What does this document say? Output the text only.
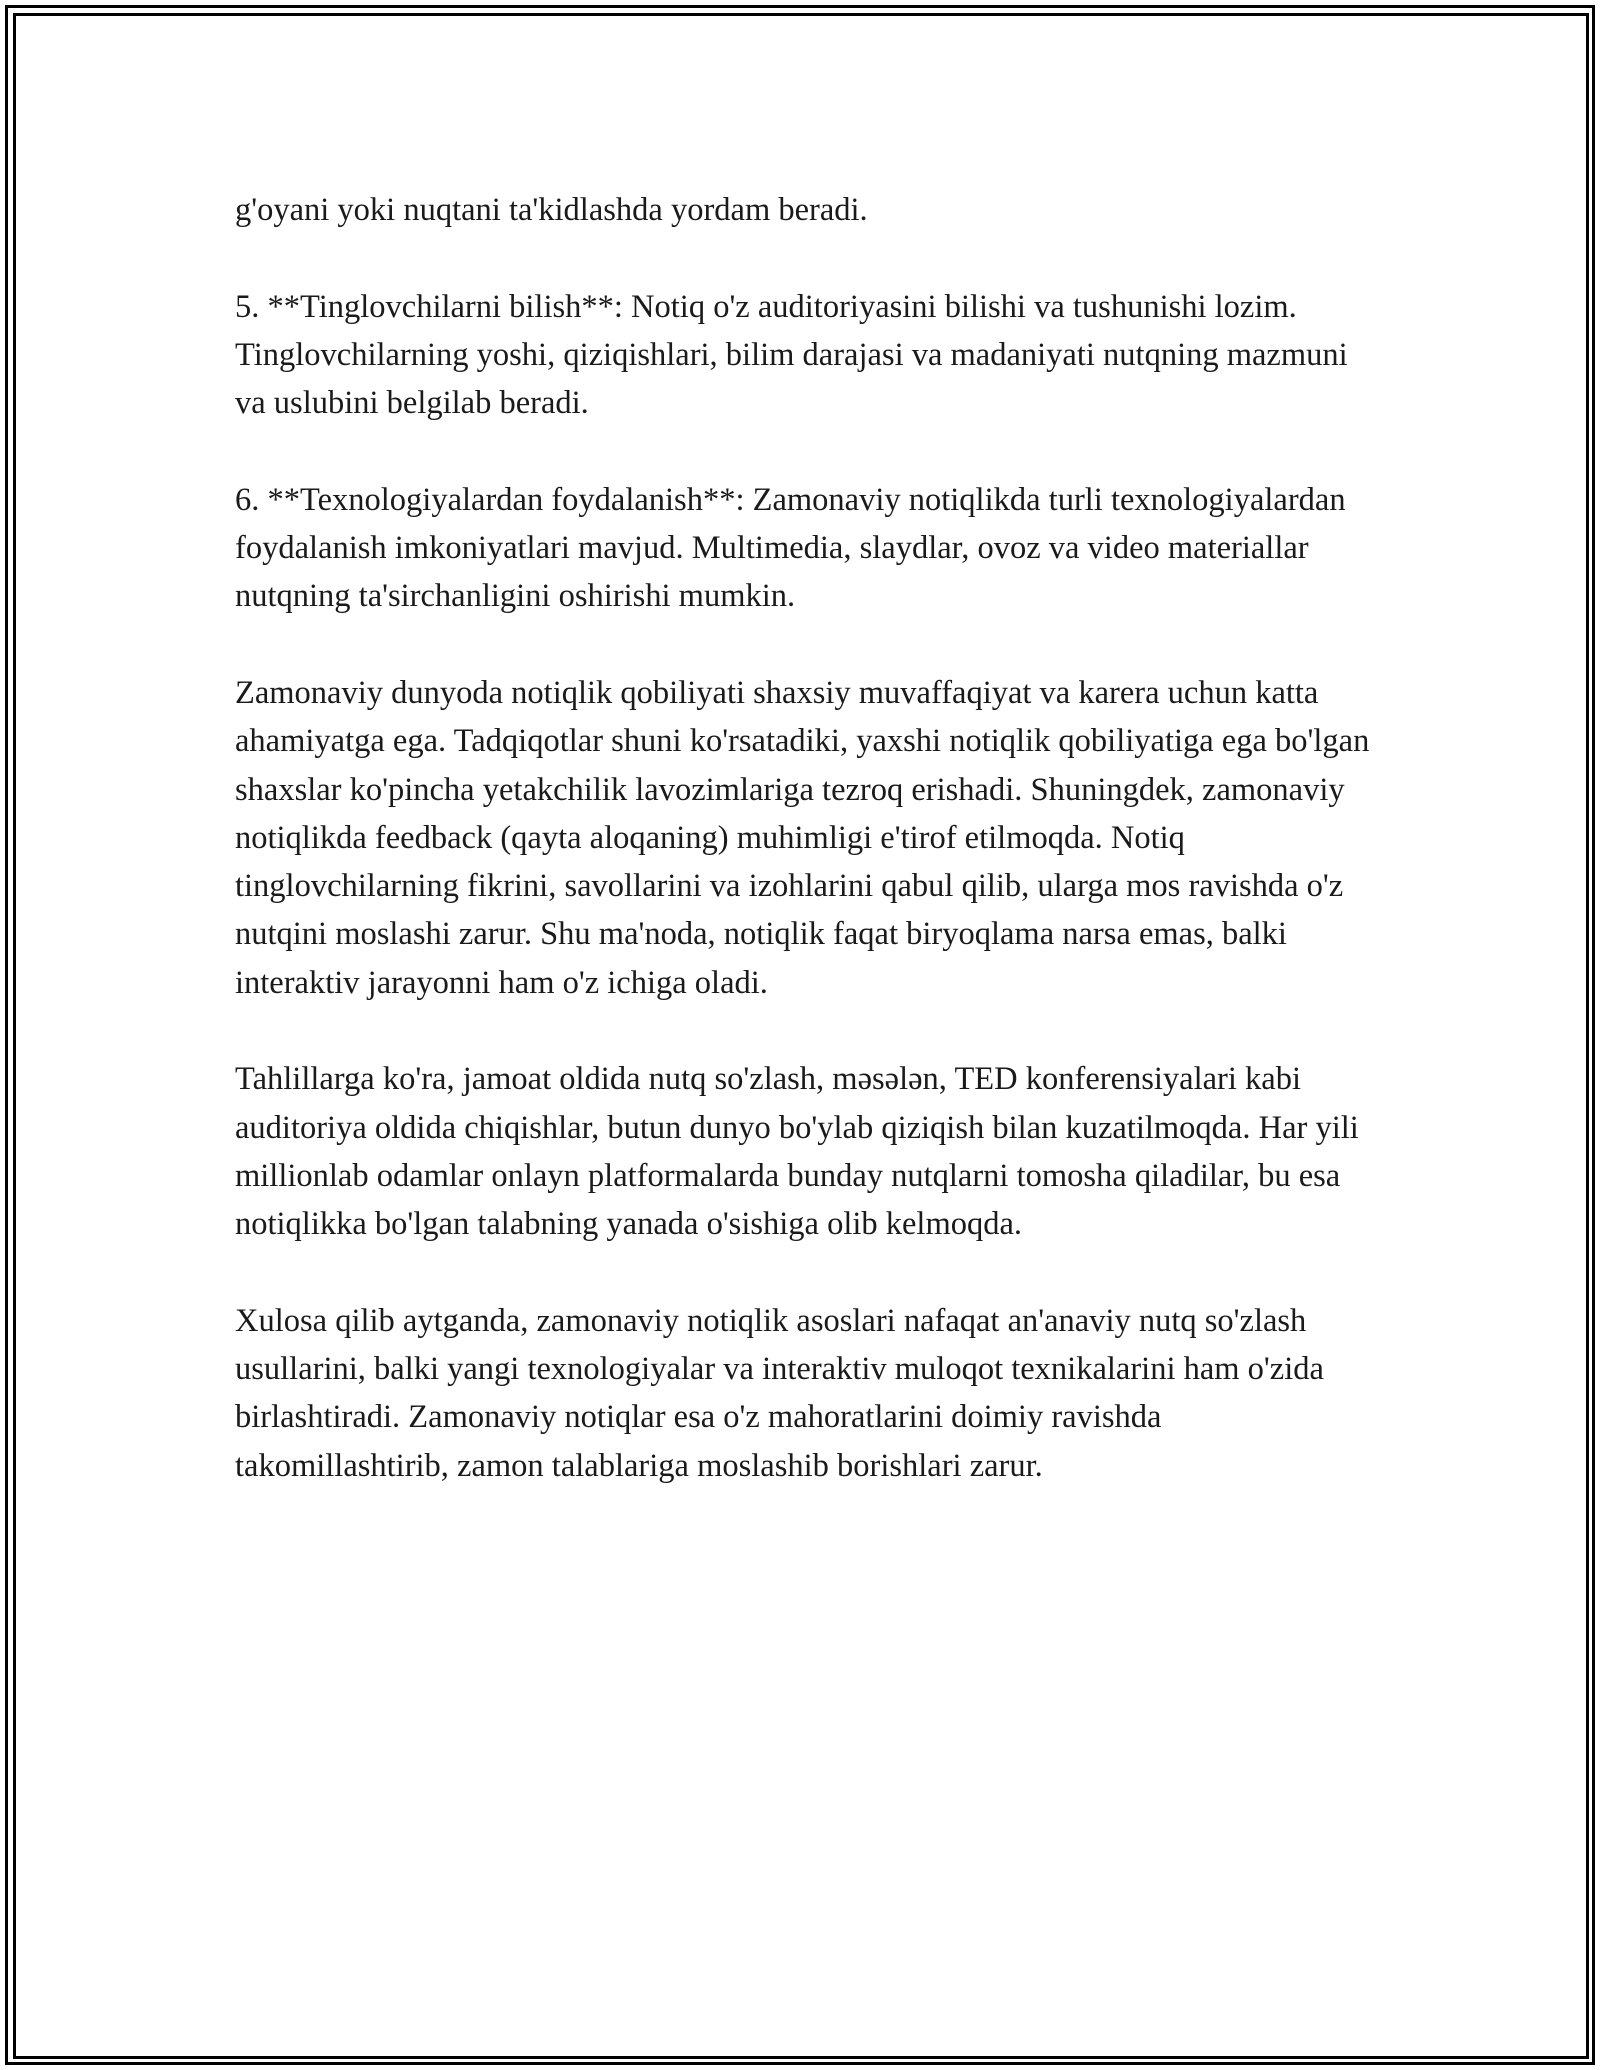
g'oyani yoki nuqtani ta'kidlashda yordam beradi.

5. **Tinglovchilarni bilish**: Notiq o'z auditoriyasini bilishi va tushunishi lozim. Tinglovchilarning yoshi, qiziqishlari, bilim darajasi va madaniyati nutqning mazmuni va uslubini belgilab beradi.

6. **Texnologiyalardan foydalanish**: Zamonaviy notiqlikda turli texnologiyalardan foydalanish imkoniyatlari mavjud. Multimedia, slaydlar, ovoz va video materiallar nutqning ta'sirchanligini oshirishi mumkin.

Zamonaviy dunyoda notiqlik qobiliyati shaxsiy muvaffaqiyat va karera uchun katta ahamiyatga ega. Tadqiqotlar shuni ko'rsatadiki, yaxshi notiqlik qobiliyatiga ega bo'lgan shaxslar ko'pincha yetakchilik lavozimlariga tezroq erishadi. Shuningdek, zamonaviy notiqlikda feedback (qayta aloqaning) muhimligi e'tirof etilmoqda. Notiq tinglovchilarning fikrini, savollarini va izohlarini qabul qilib, ularga mos ravishda o'z nutqini moslashi zarur. Shu ma'noda, notiqlik faqat biryoqlama narsa emas, balki interaktiv jarayonni ham o'z ichiga oladi.

Tahlillarga ko'ra, jamoat oldida nutq so'zlash, məsələn, TED konferensiyalari kabi auditoriya oldida chiqishlar, butun dunyo bo'ylab qiziqish bilan kuzatilmoqda. Har yili millionlab odamlar onlayn platformalarda bunday nutqlarni tomosha qiladilar, bu esa notiqlikka bo'lgan talabning yanada o'sishiga olib kelmoqda.

Xulosa qilib aytganda, zamonaviy notiqlik asoslari nafaqat an'anaviy nutq so'zlash usullarini, balki yangi texnologiyalar va interaktiv muloqot texnikalarini ham o'zida birlashtiradi. Zamonaviy notiqlar esa o'z mahoratlarini doimiy ravishda takomillashtirib, zamon talablariga moslashib borishlari zarur.
